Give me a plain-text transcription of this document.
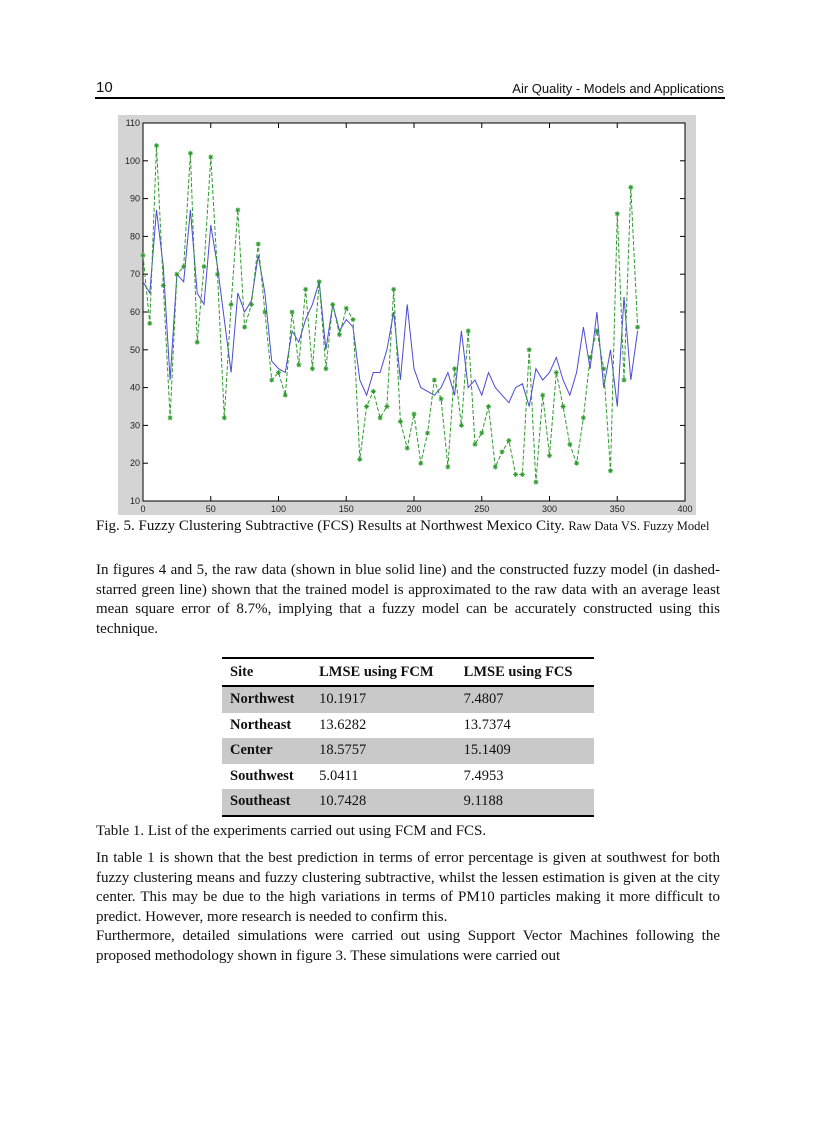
10	Air Quality - Models and Applications
0	50	100	150	200	250	300	350	400
10
20
30
40
50
60
70
80
90
100
110
Fig. 5. Fuzzy Clustering Subtractive (FCS) Results at Northwest Mexico City. Raw Data VS. Fuzzy Model
In figures 4 and 5, the raw data (shown in blue solid line) and the constructed fuzzy model (in dashed-starred green line) shown that the trained model is approximated to the raw data with an average least mean square error of 8.7%, implying that a fuzzy model can be accurately constructed using this technique.
Site	LMSE using FCM	LMSE using FCS
Northwest	10.1917	7.4807
Northeast	13.6282	13.7374
Center	18.5757	15.1409
Southwest	5.0411	7.4953
Southeast	10.7428	9.1188
Table 1. List of the experiments carried out using FCM and FCS.
In table 1 is shown that the best prediction in terms of error percentage is given at southwest for both fuzzy clustering means and fuzzy clustering subtractive, whilst the lessen estimation is given at the city center. This may be due to the high variations in terms of PM10 particles making it more difficult to predict. However, more research is needed to confirm this.
Furthermore, detailed simulations were carried out using Support Vector Machines following the proposed methodology shown in figure 3. These simulations were carried out
